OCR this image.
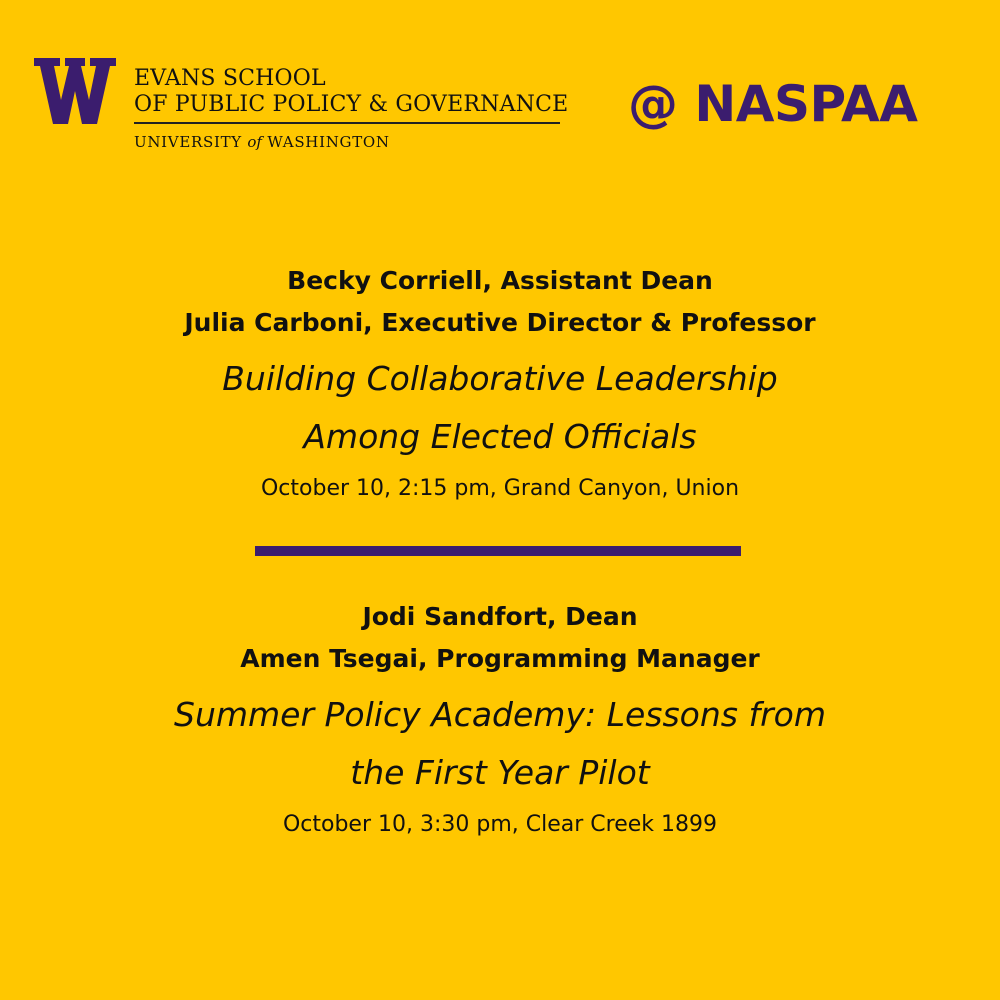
EVANS SCHOOL
OF PUBLIC POLICY & GOVERNANCE
UNIVERSITY of WASHINGTON
@ NASPAA
Becky Corriell, Assistant Dean
Julia Carboni, Executive Director & Professor
Building Collaborative Leadership
Among Elected Officials
October 10, 2:15 pm, Grand Canyon, Union
Jodi Sandfort, Dean
Amen Tsegai, Programming Manager
Summer Policy Academy: Lessons from
the First Year Pilot
October 10, 3:30 pm, Clear Creek 1899
